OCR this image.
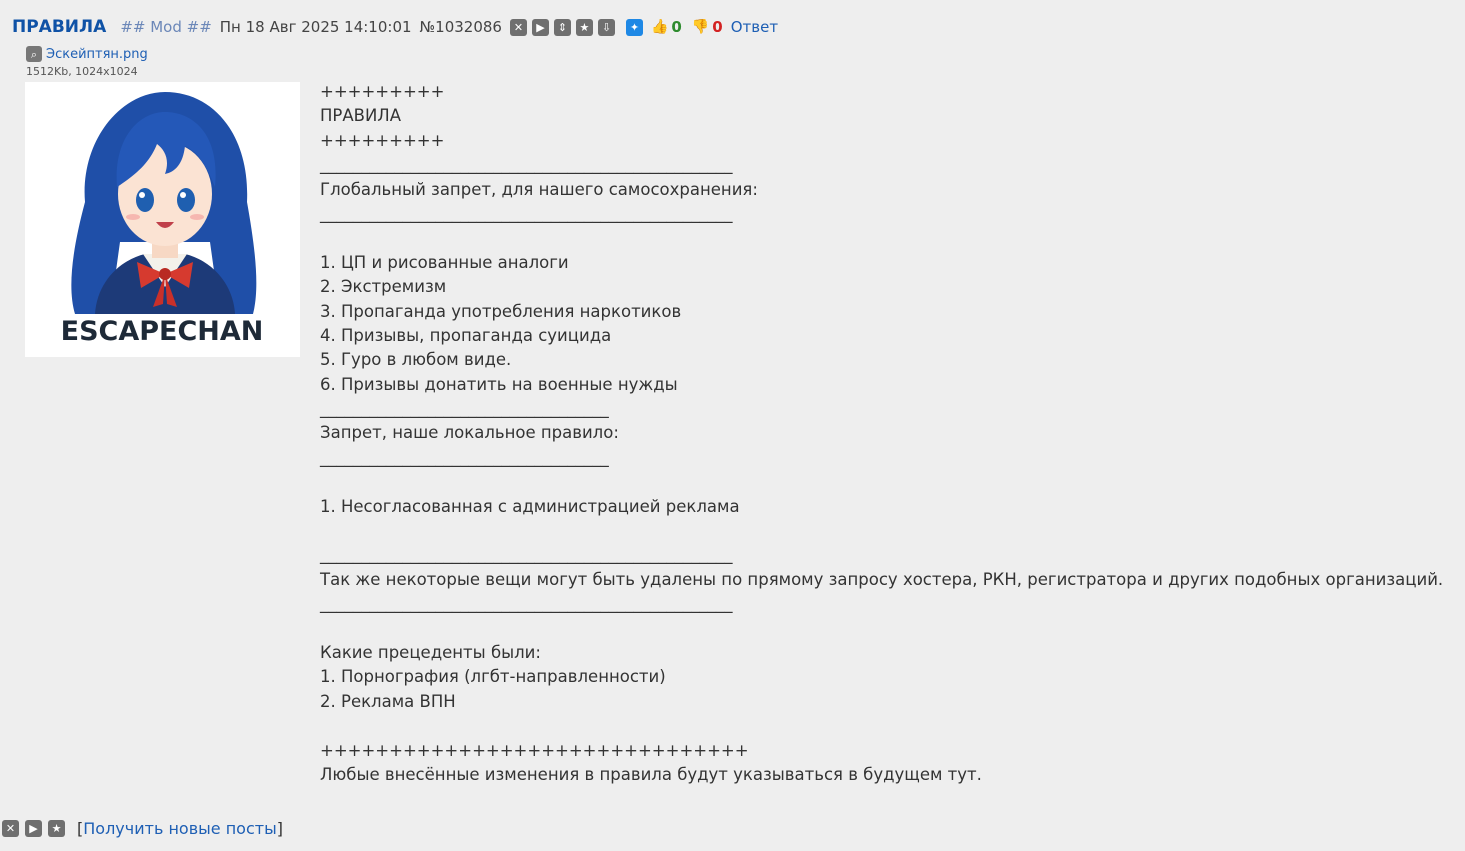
ПРАВИЛА ## Mod ## Пн 18 Авг 2025 14:10:01 №1032086	✕	▶	⇕	★	⇩	✦ 👍 0 👎 0 Ответ
⌕ Эскейптян.png
1512Kb, 1024x1024
ESCAPECHAN
+++++++++
ПРАВИЛА
+++++++++
__________________________________________________
Глобальный запрет, для нашего самосохранения:
__________________________________________________
1. ЦП и рисованные аналоги
2. Экстремизм
3. Пропаганда употребления наркотиков
4. Призывы, пропаганда суицида
5. Гуро в любом виде.
6. Призывы донатить на военные нужды
___________________________________
Запрет, наше локальное правило:
___________________________________
1. Несогласованная с администрацией реклама
__________________________________________________
Так же некоторые вещи могут быть удалены по прямому запросу хостера, РКН, регистратора и других подобных организаций.
__________________________________________________
Какие прецеденты были:
1. Порнография (лгбт-направленности)
2. Реклама ВПН
+++++++++++++++++++++++++++++++
Любые внесённые изменения в правила будут указываться в будущем тут.
✕	▶	★ [ Получить новые посты ]
